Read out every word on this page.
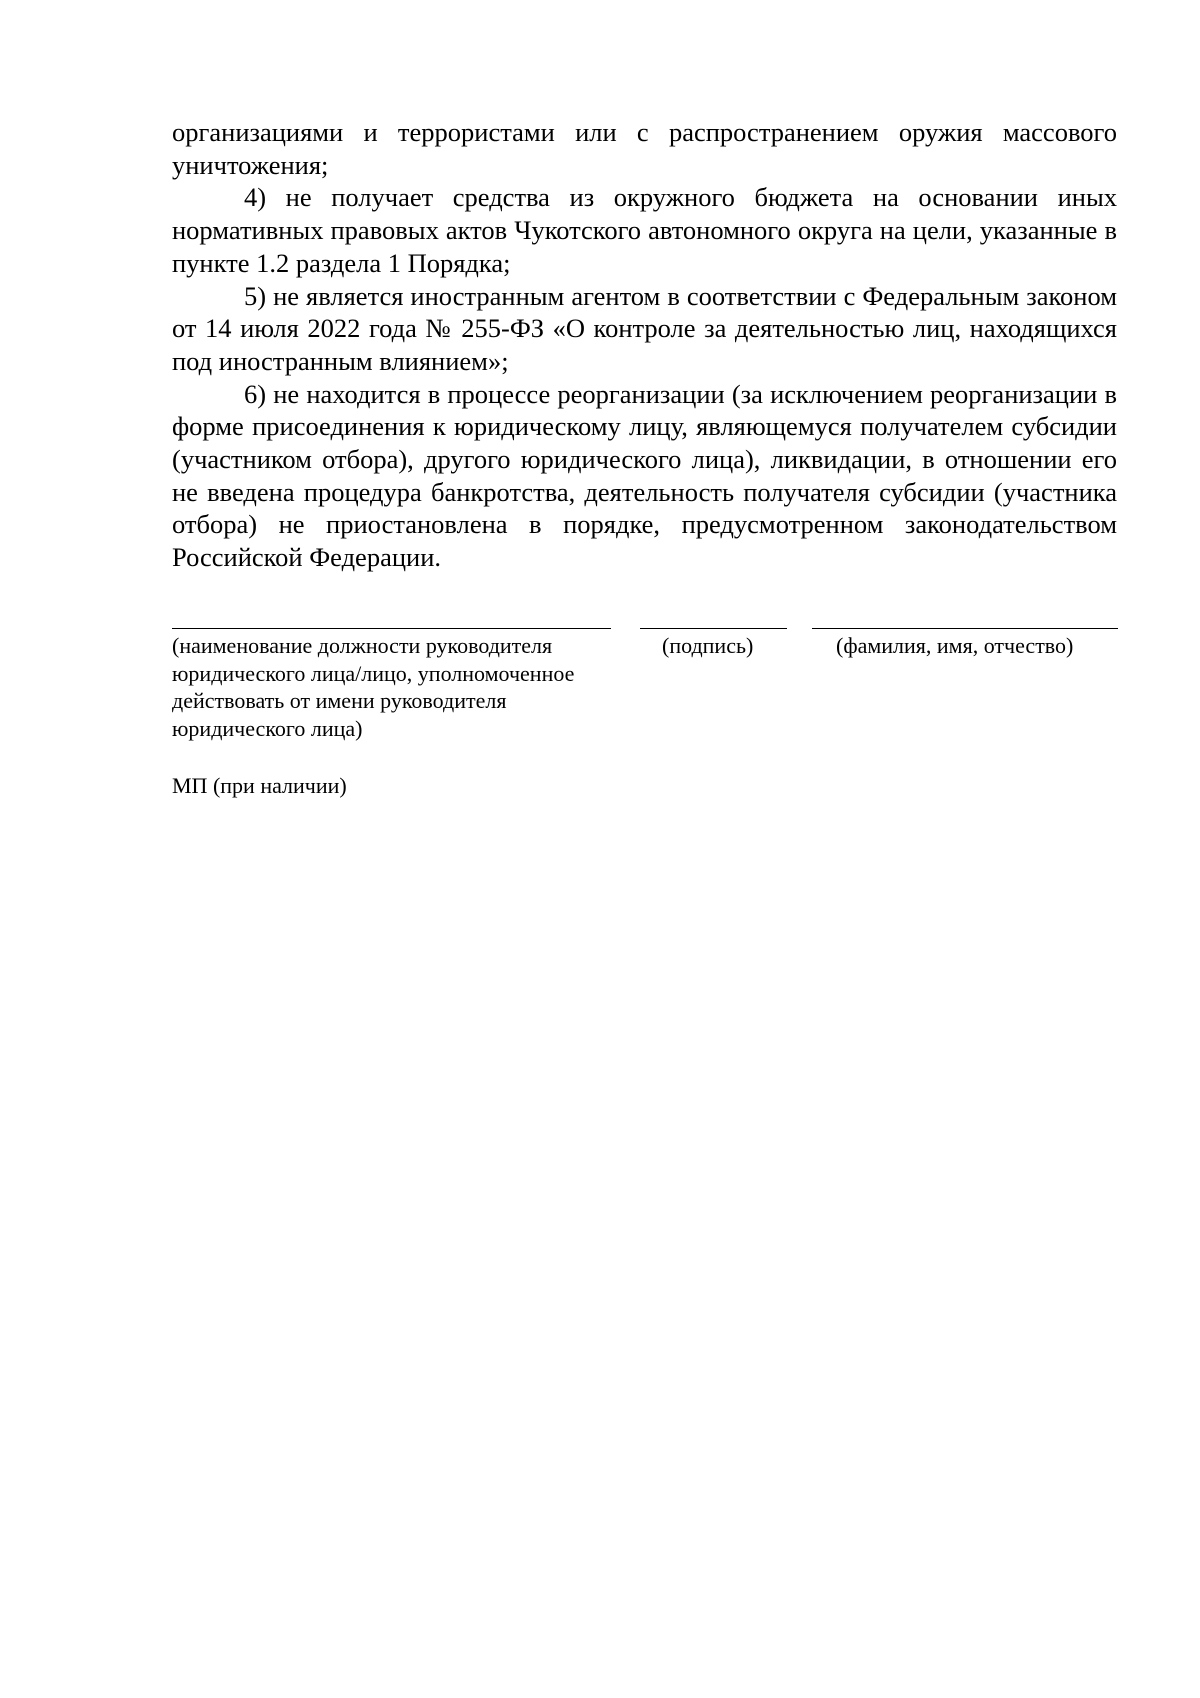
организациями и террористами или с распространением оружия массового уничтожения;

4) не получает средства из окружного бюджета на основании иных нормативных правовых актов Чукотского автономного округа на цели, указанные в пункте 1.2 раздела 1 Порядка;

5) не является иностранным агентом в соответствии с Федеральным законом от 14 июля 2022 года № 255-ФЗ «О контроле за деятельностью лиц, находящихся под иностранным влиянием»;

6) не находится в процессе реорганизации (за исключением реорганизации в форме присоединения к юридическому лицу, являющемуся получателем субсидии (участником отбора), другого юридического лица), ликвидации, в отношении его не введена процедура банкротства, деятельность получателя субсидии (участника отбора) не приостановлена в порядке, предусмотренном законодательством Российской Федерации.

(наименование должности руководителя
юридического лица/лицо, уполномоченное
действовать от имени руководителя
юридического лица)
(подпись)	(фамилия, имя, отчество)
МП (при наличии)
